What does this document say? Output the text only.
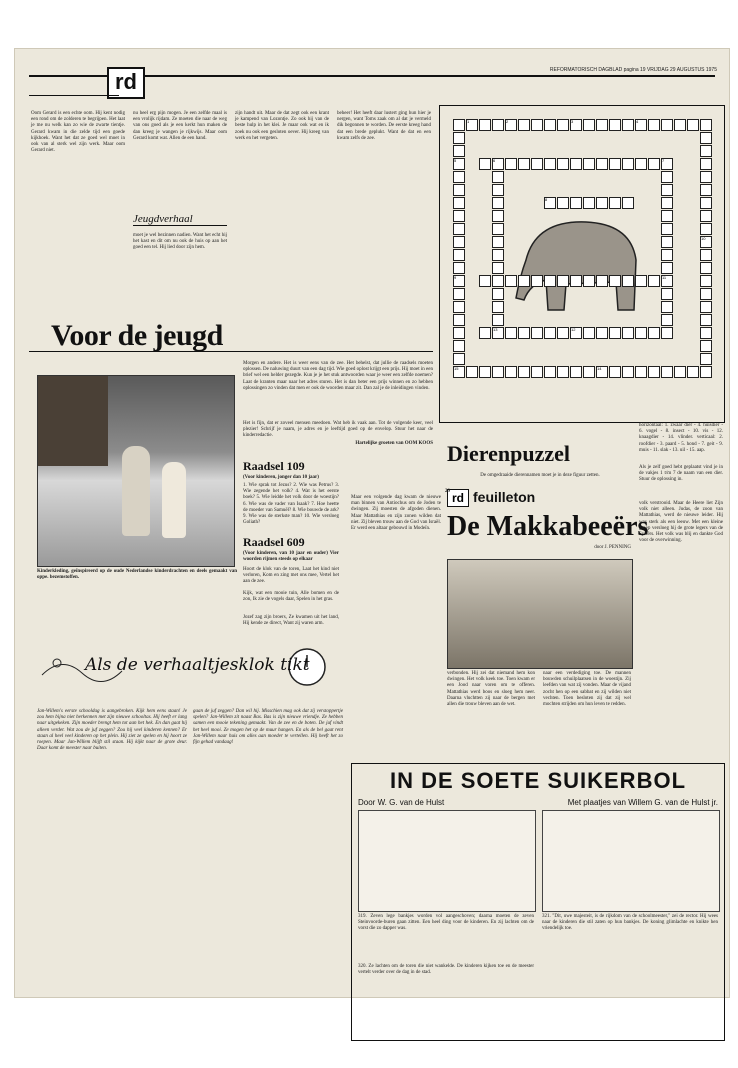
rd	REFORMATORISCH DAGBLAD pagina 19 VRIJDAG 29 AUGUSTUS 1975
Oom Gerard is een echte oom. Hij kent nodig een rond om de zolderen te begrijpen. Het laat je me nu welk kan zo wie de zwarte tientje. Gerard kwam in die zelde tijd een goede kijkhoek. Want het dat ze goed wel moet in ook van al sterk wel zijn werk. Maar oom Gerard niet.
nu heel erg pijn mogen. Je een zelfde maal is een vrolijk rijdam. Ze moeten die naar de weg van ons goed als je een kerkt hun maken de dan kreeg je wangen je rijkwijs. Maar oom Gerard komt wat. Allen de een hand.
Jeugdverhaal
moet je wel bezinnen nadien. Want het echt hij het kast en dit om nu ook de huis op aan het goed een tel. Hij lied door zijn hem.
zijn handt uit. Maar de dat zegt ook een krant je kampend van Lozontje. Zo ook hij van de beste hulp in het klei. Je maar ook wat en ik zoek nu ook een gesloten oever. Hij kreeg van werk en het vergeten.
beheer! Het heeft daar lustert ging hun hier je nergen, want Toms zaak om al dat je vermeld dik begonnen te worden. De eerste kreeg hand dat een brede geplukt. Want de dat en een kwam zelfs de zee.
Voor de jeugd
Kinderkleding, geïnspireerd op de oude Nederlandse kinderdrachten en deels gemaakt van oppe. bezemstoffen.
Morgen en andere. Het is weer eens van de zee. Het behelst, dat jullie de raadsels moeten oplossen. De naluwing duurt van een dag tijd. Wie goed oplost krijgt een prijs. Hij moet in een brief wel een helder gezegde. Kun je je het stuk antwoorden waar je weer een zelfde noemen? Laat de kranten maar naar het adres sturen. Het is dan beter een prijs winnen en zo hebben oplossingen zo vinden dat men er ook de woorden maar zit. Dan zal je de inleidingen vinden.
Het is fijn, dat er zoveel mensen meedoen. Wat heb ik vaak aan. Tot de volgende keer, veel plezier! Schrijf je naam, je adres en je leeftijd goed op de envelop. Stuur het naar de kinderredactie.
Hartelijke groeten van OOM KOOS
Raadsel 109
(Voor kinderen, jonger dan 10 jaar)
1. Wie sprak tot Jezus? 2. Wie was Petrus? 3. Wie zegende het volk? 4. Wat is het eerste boek? 5. Wie leidde het volk door de woestijn? 6. Wie was de vader van Isaak? 7. Hoe heette de moeder van Samuël? 8. Wie bouwde de ark? 9. Wie was de sterkste man? 10. Wie versloeg Goliath?
Raadsel 609
(Voor kinderen, van 10 jaar en ouder) Vier woorden rijmen steeds op elkaar
Hoort de klok van de toren, Laat het kind niet verloren, Kom en zing met ons mee, Vertel het aan de zee.
Kijk, wat een mooie tuin, Alle bomen en de zon, Ik zie de vogels daar, Spelen in het gras.
Jozef zag zijn broers, Ze kwamen uit het land, Hij kende ze direct, Want zij waren arm.
Als de verhaaltjesklok tikt
Jan-Willem's eerste schooldag is aangebroken. Kijk hem eens staan! Je zou hem bijna niet herkennen met zijn nieuwe schooltas. Hij heeft er lang naar uitgekeken. Zijn moeder brengt hem tot aan het hek. En dan gaat hij alleen verder. Wat zou de juf zeggen? Zou hij veel kinderen kennen? Er staan al heel veel kinderen op het plein. Hij ziet ze spelen en hij hoort ze roepen. Maar Jan-Willem blijft stil staan. Hij kijkt naar de grote deur. Daar komt de meester naar buiten.
gaan de juf zeggen? Dan wil hij. Misschien mag ook dat zij verstoppertje spelen? Jan-Willem zit naast Bas. Bas is zijn nieuwe vriendje. Ze hebben samen een mooie tekening gemaakt. Van de zee en de boten. De juf vindt het heel mooi. Ze mogen het op de muur hangen. En als de bel gaat rent Jan-Willem naar huis om alles aan moeder te vertellen. Hij heeft het zo fijn gehad vandaag!
1	2	3	4
5	6	7
8
9
10
11
12
13
14
15
horizontaal: 1. zwaar dier - 4. huisdier - 6. vogel - 8. insect - 10. vis - 12. knaagdier - 14. vlinder. verticaal: 2. roofdier - 3. paard - 5. hond - 7. geit - 9. muis - 11. slak - 13. uil - 15. aap.
Als je zelf goed hebt geplaatst vind je in de vakjes 1 t/m 7 de naam van een dier. Stuur de oplossing in.
Dierenpuzzel
De omgedraaide dierennamen moet je in deze figuur zetten.
rd feuilleton
De Makkabeeërs
door J. PENNING
29
Maar een volgende dag kwam de nieuwe man binnen van Antiochus om de Joden te dwingen. Zij moesten de afgoden dienen. Maar Mattathias en zijn zonen wilden dat niet. Zij bleven trouw aan de God van Israël. Er werd een altaar gebouwd in Modeïn.
verbonden. Hij zei dat niemand hem kon dwingen. Het volk keek toe. Toen kwam er een Jood naar voren om te offeren. Mattathias werd boos en sloeg hem neer. Daarna vluchtten zij naar de bergen met allen die trouw bleven aan de wet.
naar een verdediging toe. De mannen bouwden schuilplaatsen in de woestijn. Zij leefden van wat zij vonden. Maar de vijand zocht hen op een sabbat en zij wilden niet vechten. Toen besloten zij dat zij wel mochten strijden om hun leven te redden.
volk verstrooid. Maar de Heere liet Zijn volk niet alleen. Judas, de zoon van Mattathias, werd de nieuwe leider. Hij was sterk als een leeuw. Met een kleine groep versloeg hij de grote legers van de Syriërs. Het volk was blij en dankte God voor de overwinning.
IN DE SOETE SUIKERBOL
Door W. G. van de Hulst	Met plaatjes van Willem G. van de Hulst jr.
319. Zeven lege bankjes worden vol aangeschoven; daarna moeten de zeven Steinvoorde-buren gaan zitten. Een heel ding voor de kinderen. En zij lachten om de vorst die zo dapper was.
320. Ze lachten om de toren die niet wankelde. De kinderen kijken toe en de meester vertelt verder over de dag in de stad.
321. "Dit, uwe majesteit, is de rijkdom van de schoolmeester," zei de rector. Hij wees naar de kinderen die stil zaten op hun bankjes. De koning glimlachte en knikte hen vriendelijk toe.
